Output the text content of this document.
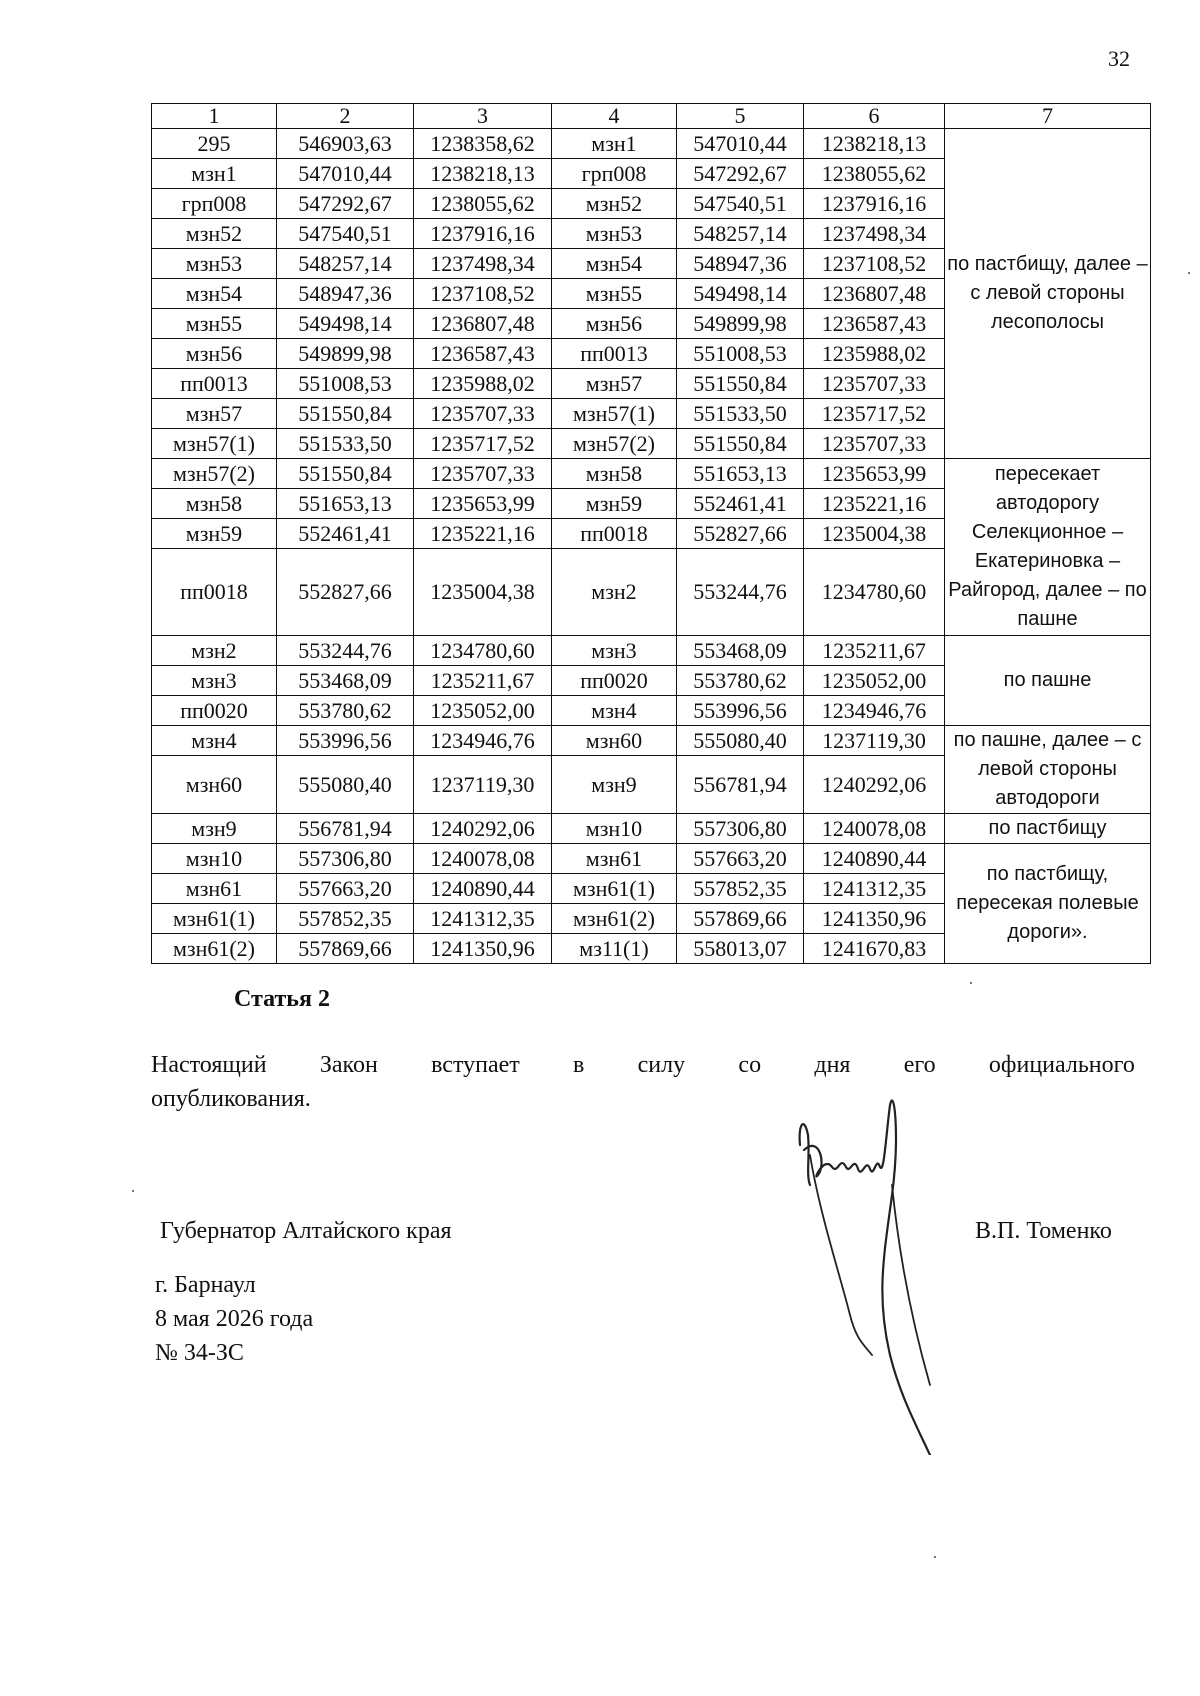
32
1	2	3	4	5	6	7
295	546903,63	1238358,62	мзн1	547010,44	1238218,13	по пастбищу, далее – с левой стороны лесополосы
мзн1	547010,44	1238218,13	грп008	547292,67	1238055,62	
грп008	547292,67	1238055,62	мзн52	547540,51	1237916,16	
мзн52	547540,51	1237916,16	мзн53	548257,14	1237498,34	
мзн53	548257,14	1237498,34	мзн54	548947,36	1237108,52	
мзн54	548947,36	1237108,52	мзн55	549498,14	1236807,48	
мзн55	549498,14	1236807,48	мзн56	549899,98	1236587,43	
мзн56	549899,98	1236587,43	пп0013	551008,53	1235988,02	
пп0013	551008,53	1235988,02	мзн57	551550,84	1235707,33	
мзн57	551550,84	1235707,33	мзн57(1)	551533,50	1235717,52	
мзн57(1)	551533,50	1235717,52	мзн57(2)	551550,84	1235707,33	
мзн57(2)	551550,84	1235707,33	мзн58	551653,13	1235653,99	пересекает автодорогу Селекционное – Екатериновка – Райгород, далее – по пашне
мзн58	551653,13	1235653,99	мзн59	552461,41	1235221,16	
мзн59	552461,41	1235221,16	пп0018	552827,66	1235004,38	
пп0018	552827,66	1235004,38	мзн2	553244,76	1234780,60	
мзн2	553244,76	1234780,60	мзн3	553468,09	1235211,67	по пашне
мзн3	553468,09	1235211,67	пп0020	553780,62	1235052,00	
пп0020	553780,62	1235052,00	мзн4	553996,56	1234946,76	
мзн4	553996,56	1234946,76	мзн60	555080,40	1237119,30	по пашне, далее – с левой стороны автодороги
мзн60	555080,40	1237119,30	мзн9	556781,94	1240292,06	
мзн9	556781,94	1240292,06	мзн10	557306,80	1240078,08	по пастбищу
мзн10	557306,80	1240078,08	мзн61	557663,20	1240890,44	по пастбищу, пересекая полевые дороги».
мзн61	557663,20	1240890,44	мзн61(1)	557852,35	1241312,35	
мзн61(1)	557852,35	1241312,35	мзн61(2)	557869,66	1241350,96	
мзн61(2)	557869,66	1241350,96	мз11(1)	558013,07	1241670,83	
Статья 2
Настоящий Закон вступает в силу со дня его официального
опубликования.
Губернатор Алтайского края	В.П. Томенко
г. Барнаул
8 мая 2026 года
№ 34-ЗС
